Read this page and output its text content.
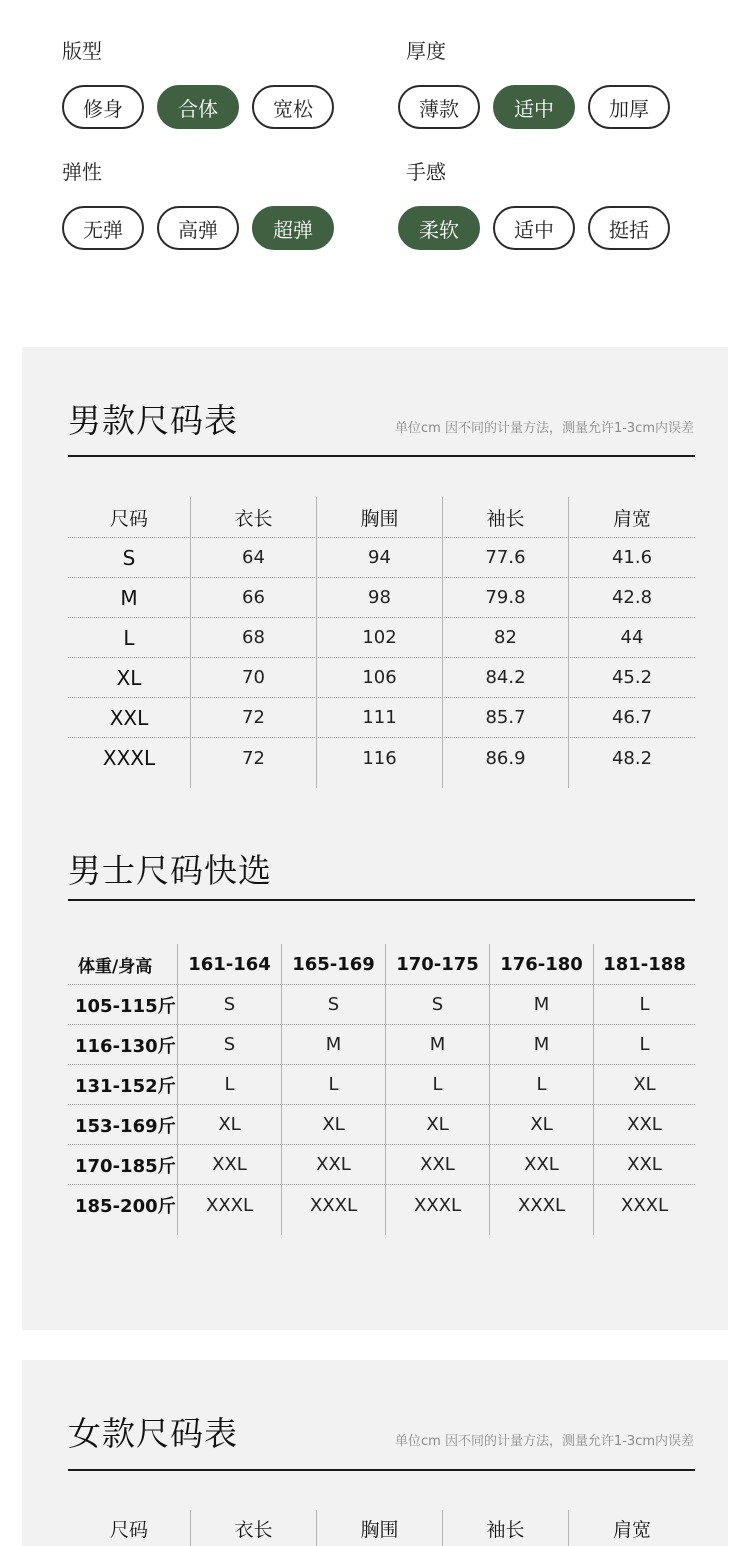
版型
修身	合体	宽松
厚度
薄款	适中	加厚
弹性
无弹	高弹	超弹
手感
柔软	适中	挺括
男款尺码表	单位cm 因不同的计量方法，测量允许1-3cm内误差
尺码	衣长	胸围	袖长	肩宽
S	64	94	77.6	41.6
M	66	98	79.8	42.8
L	68	102	82	44
XL	70	106	84.2	45.2
XXL	72	111	85.7	46.7
XXXL	72	116	86.9	48.2
男士尺码快选
体重/身高	161-164	165-169	170-175	176-180	181-188
105-115斤	S	S	S	M	L
116-130斤	S	M	M	M	L
131-152斤	L	L	L	L	XL
153-169斤	XL	XL	XL	XL	XXL
170-185斤	XXL	XXL	XXL	XXL	XXL
185-200斤	XXXL	XXXL	XXXL	XXXL	XXXL
女款尺码表	单位cm 因不同的计量方法，测量允许1-3cm内误差
尺码	衣长	胸围	袖长	肩宽
